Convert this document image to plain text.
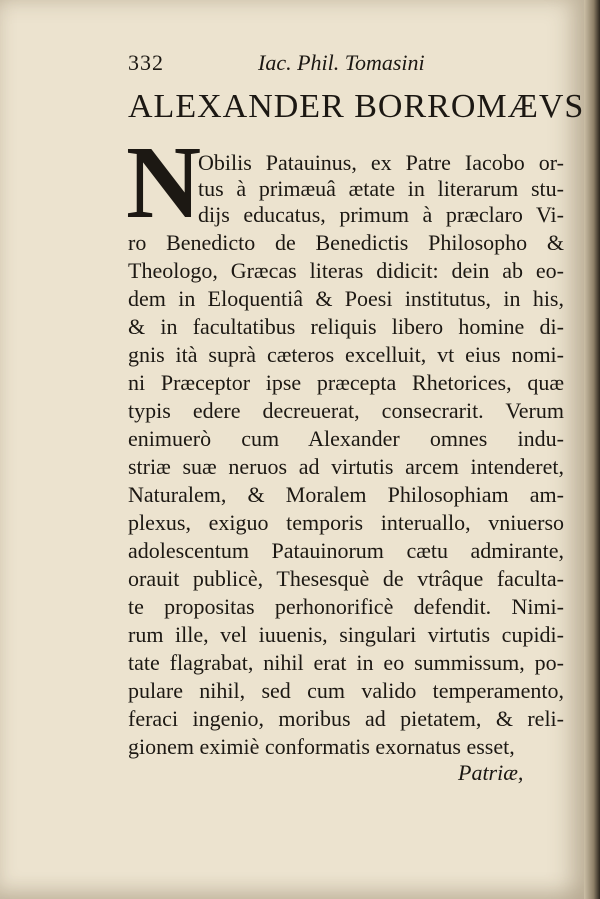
332	Iac. Phil. Tomasini
ALEXANDER BORROMÆVS
N
Obilis Patauinus, ex Patre Iacobo or-
tus à primæuâ ætate in literarum stu-
dijs educatus, primum à præclaro Vi-
ro Benedicto de Benedictis Philosopho &
Theologo, Græcas literas didicit: dein ab eo-
dem in Eloquentiâ & Poesi institutus, in his,
& in facultatibus reliquis libero homine di-
gnis ità suprà cæteros excelluit, vt eius nomi-
ni Præceptor ipse præcepta Rhetorices, quæ
typis edere decreuerat, consecrarit. Verum
enimuerò cum Alexander omnes indu-
striæ suæ neruos ad virtutis arcem intenderet,
Naturalem, & Moralem Philosophiam am-
plexus, exiguo temporis interuallo, vniuerso
adolescentum Patauinorum cætu admirante,
orauit publicè, Thesesquè de vtrâque faculta-
te propositas perhonorificè defendit. Nimi-
rum ille, vel iuuenis, singulari virtutis cupidi-
tate flagrabat, nihil erat in eo summissum, po-
pulare nihil, sed cum valido temperamento,
feraci ingenio, moribus ad pietatem, & reli-
gionem eximiè conformatis exornatus esset,
Patriæ,
